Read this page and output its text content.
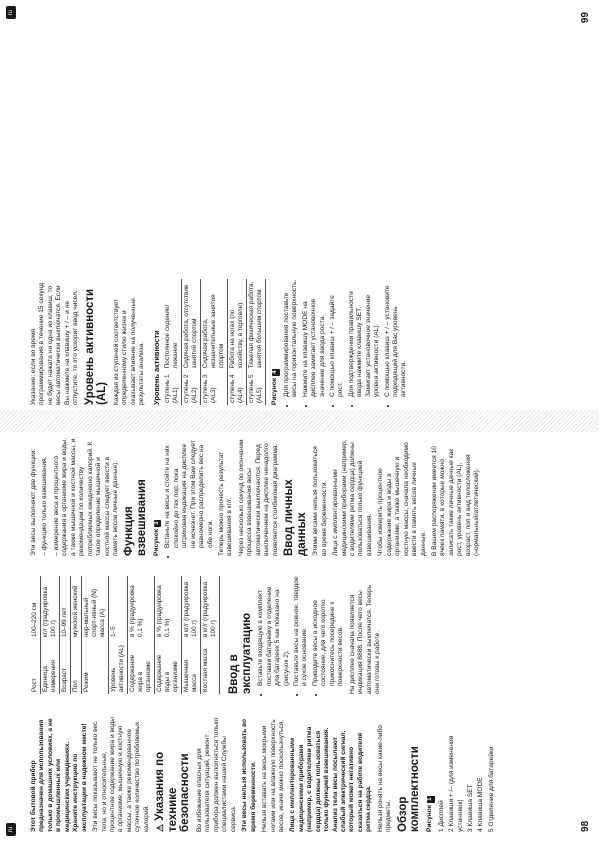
ru	Этот бытовой прибор предназначен для использования только в домашних условиях, а не в промышленных или медицинских учреждениях. Храните инструкцию по эксплуатации в надежном месте! Эти весы показывают не только вес тела, но и относительные, процентное содержание жира и воды в организме, мышечную и костную массы, а также рекомендованное суточное количество потребляемых калорий. ⚠ Указания по технике безопасности Во избежание опасных для пользователя ситуаций, ремонт прибора должен выполняться только специалистами нашей Службы сервиса. Эти весы нельзя использовать во время беременности. Нельзя вставать на весы мокрыми ногами или на влажную поверхность весов, иначе можно поскользнуться. Лица с имплантированными медицинскими приборами (например, с водителями ритма сердца) должны пользоваться только функцией взвешивания. Анализ тела весы посылают слабый электрический сигнал, который может негативно сказаться на работе водителя ритма сердца. Нельзя ронять на весы какие-либо предметы. Обзор комплектности Рисунок1

1 Дисплей 2 Клавиши + /– (для изменения установок) 3 Клавиша SET 4 Клавиша MODE 5 Отделение для батарейки
Рост	100–220 см
Единица измерения	кг/г (градуировка 100 г)
Возраст	10–99 лет
Пол	мужской женский
Режим	нор-мальный спорт-ивный (N) масса (A)
Уровень активности (AL)	1–5
Содержание жира в организме	в % (градуировка 0,1 %)
Содержание воды в организме	в % (градуировка 0,1 %)
Мышечная масса	в кг/г (градуировка 100 г)
Костная масса	в кг/г (градуировка 100 г)
Ввод в эксплуатацию • Вставьте входящую в комплект поставки батарейку в отделение для батареек 5 как показано на (рисунок 2). • Поставьте весы на ровное, твердое и сухое основание. • Приводите весы в исходное состояние, для чего коротко прикоснитесь посередине к поверхности весов. На дисплее сначала появляется индикация 8888. После чего весы автоматически выключатся. Теперь они готовы к работе.

Эти весы выполняют две функции: – функцию только взвешивания, – измерение веса и процентного содержания в организме жира и воды, а также мышечной и костной массы, и рекомендации по количеству потребляемых ежедневно калорий. К такое определение мышечной и костной массы следует ввести в память весов личные данные). Функция взвешивания Рисунок3 • Встаньте на весы и стойте на них спокойно до тех пор, пока штриховая индикация на дисплее не исчезнет. При этом Вам следует равномерно распределить вес на обе ноги. Теперь можно прочесть результат взвешивания в кг/г. Через несколько секунд по окончании процесса взвешивания весы автоматически выключаются. Перед выключением на дисплее ненадолго появляется столбиковая диаграмма. Ввод личных данных Этими весами нельзя пользоваться во время беременности. Лица с имплантированными медицинскими приборами (например, с водителями ритма сердца) должны пользоваться только функцией взвешивания. Чтобы измерить процентное содержание жира и воды в организме, а также мышечную и костную массы, сначала необходимо ввести в память весов личные данные. В Вашем распоряжении имеется 10 ячеек памяти, в которые можно записать такие личные данные как рост, уровень активности (AL), возраст, пол и вид телосложения (нормальный/атлетический).

98
ru

Указание: если во время программирования в течение 15 секунд не будет нажата ни одна из клавиш, то весы автоматически выключатся. Если Вы нажмете на клавишу + / – и не отпустите, то это ускорит ввод чисел. Уровень активности (AL) Каждая из ступеней соответствует определенному стилю жизни и оказывает влияние на полученные результаты анализа. Уровень активности ступень 1 (AL1)	Постоянное сидение/ лежание
ступень 2 (AL2)	Сидячая работа, отсутствие занятий спортом
ступень 3 (AL3)	Сидячая работа, незначительные занятия спортом
ступень 4 (AL4)	Работа на ногах (по хозяйству, в торговле)
ступень 5 (AL5)	Тяжелая физическая работа, занятия большим спортом

Рисунок4 • Для программирования поставьте весы на горизонтальную поверхность. • Нажмите на клавишу MODE на дисплее замигает установочное значение для ввода роста. • С помощью клавиш + / – задайте рост. • Для подтверждения правильности ввода нажмите клавишу SET. Замигает установочное значение уровня активности (AL). • С помощью клавиш + / – установите подходящий для Вас уровень активности.
99
